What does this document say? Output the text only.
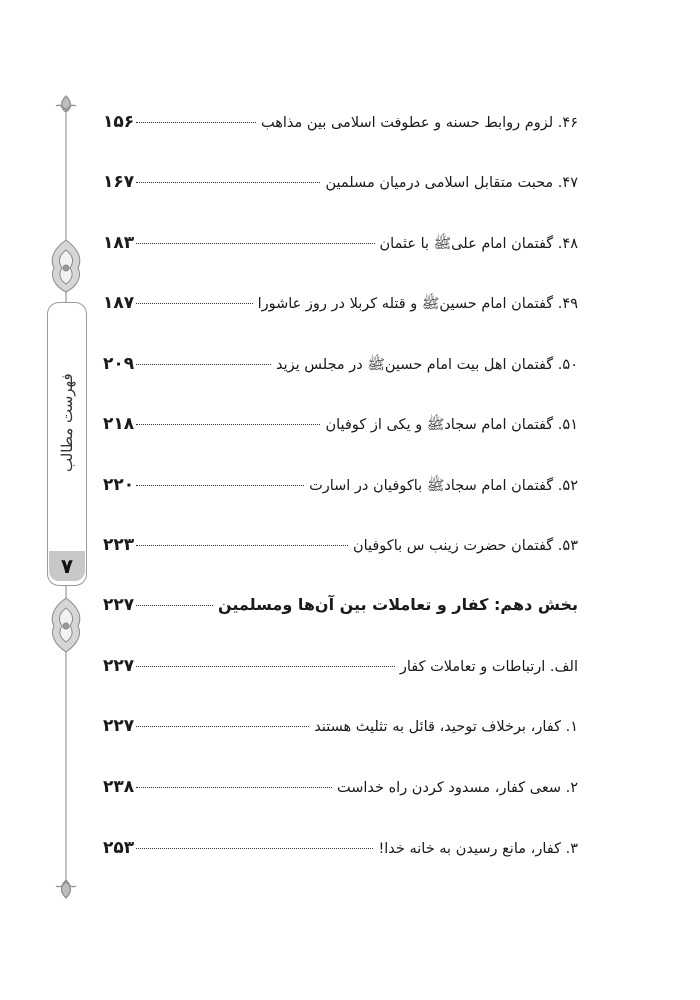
فهرست مطالب
۷
۴۶. لزوم روابط حسنه و عطوفت اسلامی بین مذاهب
۱۵۶
۴۷. محبت متقابل اسلامی درمیان مسلمین
۱۶۷
۴۸. گفتمان امام علی‌ﷺ با عثمان
۱۸۳
۴۹. گفتمان امام حسین‌ﷺ و قتله کربلا در روز عاشورا
۱۸۷
۵۰. گفتمان اهل بیت امام حسین‌ﷺ در مجلس یزید
۲۰۹
۵۱. گفتمان امام سجاد‌ﷺ و یکی از کوفیان
۲۱۸
۵۲. گفتمان امام سجاد‌ﷺ باکوفیان در اسارت
۲۲۰
۵۳. گفتمان حضرت زینب س باکوفیان
۲۲۳
بخش دهم: کفار و تعاملات بین آن‌ها ومسلمین
۲۲۷
الف. ارتباطات و تعاملات کفار
۲۲۷
۱. کفار، برخلاف توحید، قائل به تثلیث هستند
۲۲۷
۲. سعی کفار، مسدود کردن راه خداست
۲۳۸
۳. کفار، مانع رسیدن به خانه خدا!
۲۵۳
